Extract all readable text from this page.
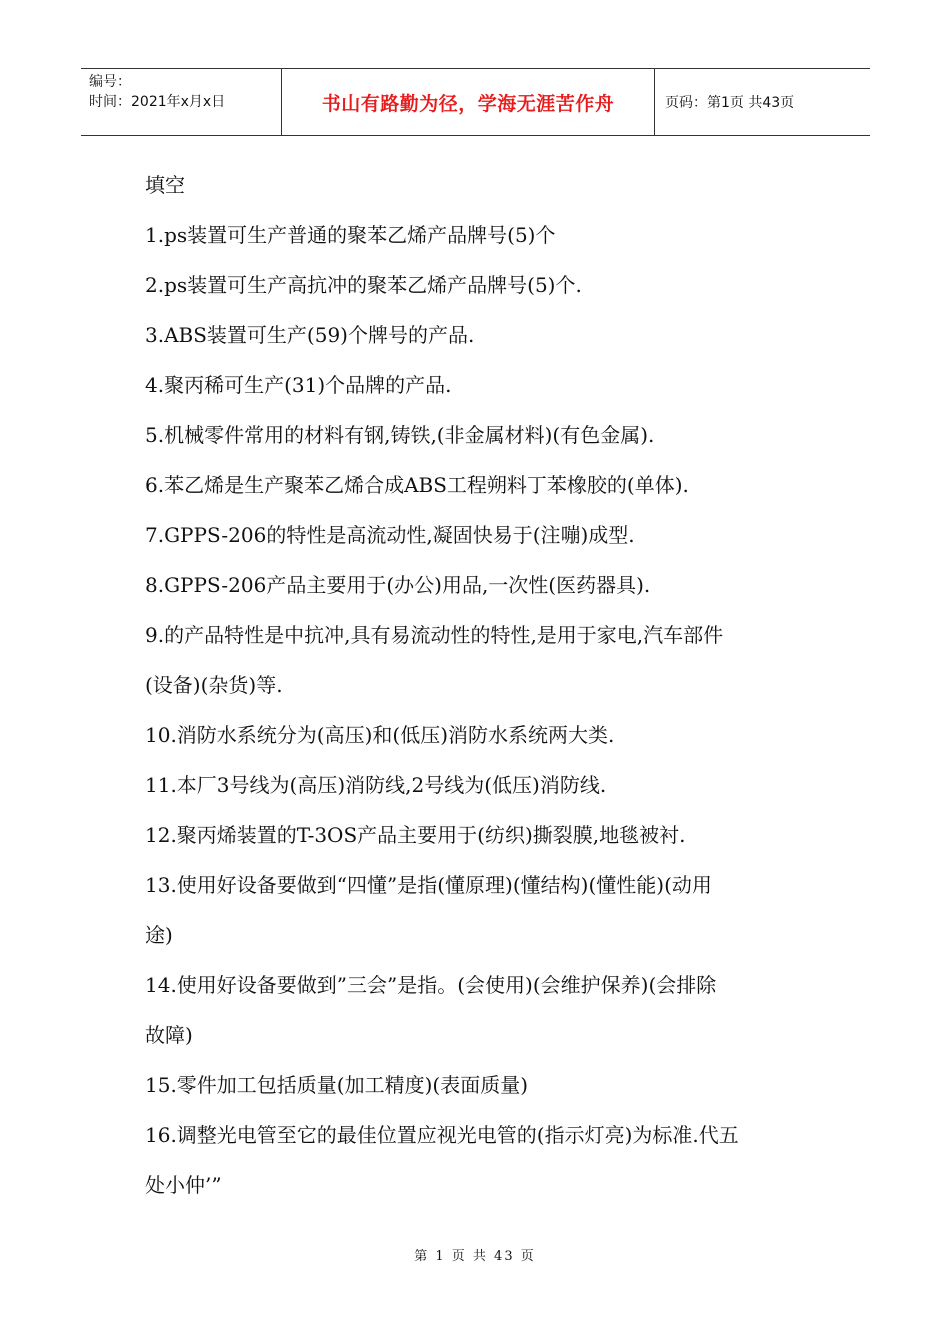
编号：
时间：2021年x月x日	书山有路勤为径，学海无涯苦作舟	页码：第1页 共43页

填空

1.ps装置可生产普通的聚苯乙烯产品牌号(5)个

2.ps装置可生产高抗冲的聚苯乙烯产品牌号(5)个.

3.ABS装置可生产(59)个牌号的产品.

4.聚丙稀可生产(31)个品牌的产品.

5.机械零件常用的材料有钢,铸铁,(非金属材料)(有色金属).

6.苯乙烯是生产聚苯乙烯合成ABS工程朔料丁苯橡胶的(单体).

7.GPPS-206的特性是高流动性,凝固快易于(注嘣)成型.

8.GPPS-206产品主要用于(办公)用品,一次性(医药器具).

9.的产品特性是中抗冲,具有易流动性的特性,是用于家电,汽车部件

(设备)(杂货)等.

10.消防水系统分为(高压)和(低压)消防水系统两大类.

11.本厂3号线为(高压)消防线,2号线为(低压)消防线.

12.聚丙烯装置的T-3OS产品主要用于(纺织)撕裂膜,地毯被衬.

13.使用好设备要做到“四懂”是指(懂原理)(懂结构)(懂性能)(动用

途)

14.使用好设备要做到”三会”是指。(会使用)(会维护保养)(会排除

故障)

15.零件加工包括质量(加工精度)(表面质量)

16.调整光电管至它的最佳位置应视光电管的(指示灯亮)为标准.代五

处小仲’”

第 1 页 共 43 页
